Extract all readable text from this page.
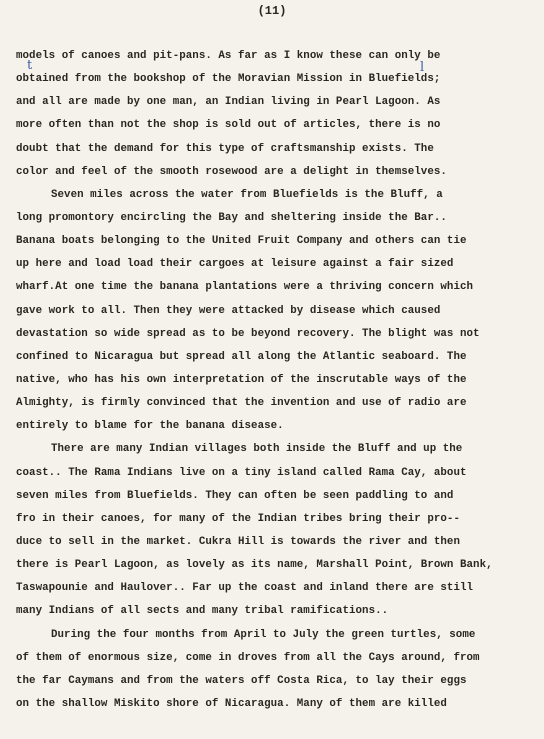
(11)
models of canoes and pit-pans. As far as I know these can only be
obtained from the bookshop of the Moravian Mission in Bluefields;
and all are made by one man, an Indian living in Pearl Lagoon. As
more often than not the shop is sold out of articles, there is no
doubt that the demand for this type of craftsmanship exists. The
color and feel of the smooth rosewood are a delight in themselves.
Seven miles across the water from Bluefields is the Bluff, a
long promontory encircling the Bay and sheltering inside the Bar..
Banana boats belonging to the United Fruit Company and others can tie
up here and load load their cargoes at leisure against a fair sized
wharf.At one time the banana plantations were a thriving concern which
gave work to all. Then they were attacked by disease which caused
devastation so wide spread as to be beyond recovery. The blight was not
confined to Nicaragua but spread all along the Atlantic seaboard. The
native, who has his own interpretation of the inscrutable ways of the
Almighty, is firmly convinced that the invention and use of radio are
entirely to blame for the banana disease.
There are many Indian villages both inside the Bluff and up the
coast.. The Rama Indians live on a tiny island called Rama Cay, about
seven miles from Bluefields. They can often be seen paddling to and
fro in their canoes, for many of the Indian tribes bring their pro--
duce to sell in the market. Cukra Hill is towards the river and then
there is Pearl Lagoon, as lovely as its name, Marshall Point, Brown Bank,
Taswapounie and Haulover.. Far up the coast and inland there are still
many Indians of all sects and many tribal ramifications..
During the four months from April to July the green turtles, some
of them of enormous size, come in droves from all the Cays around, from
the far Caymans and from the waters off Costa Rica, to lay their eggs
on the shallow Miskito shore of Nicaragua. Many of them are killed
t	l
